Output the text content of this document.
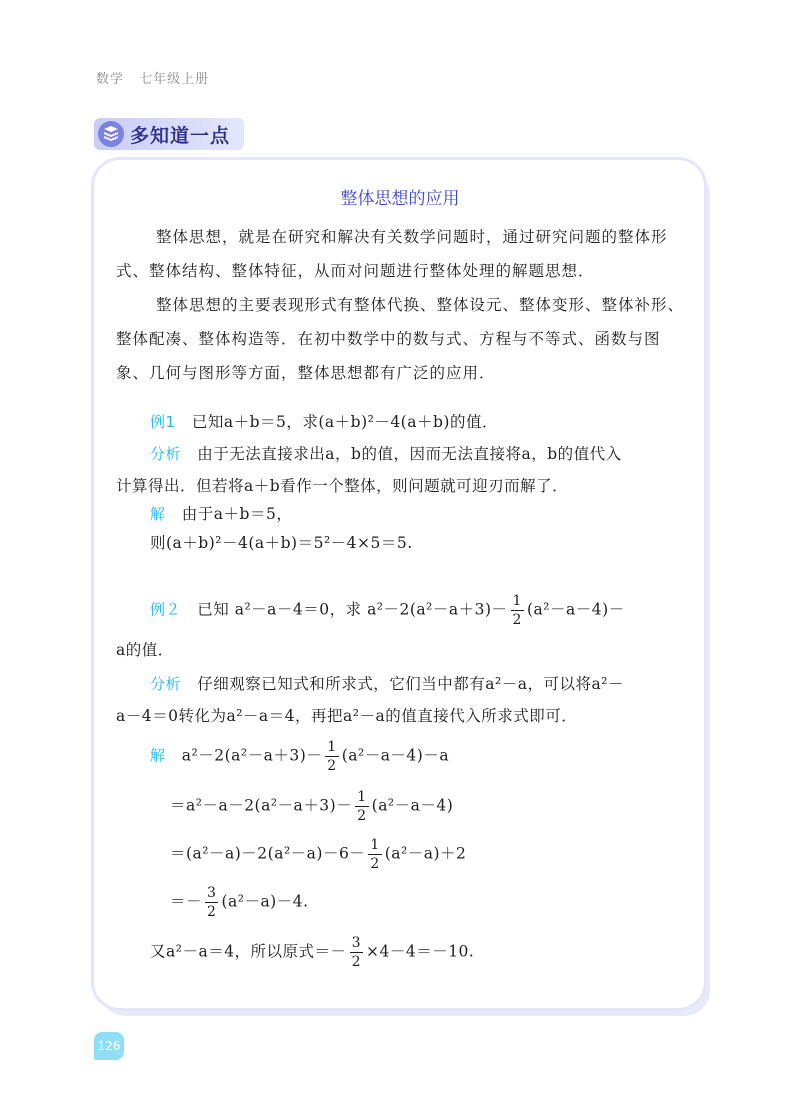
数学 七年级上册
多知道一点
整体思想的应用
整体思想，就是在研究和解决有关数学问题时，通过研究问题的整体形式、整体结构、整体特征，从而对问题进行整体处理的解题思想．
整体思想的主要表现形式有整体代换、整体设元、整体变形、整体补形、整体配凑、整体构造等．在初中数学中的数与式、方程与不等式、函数与图象、几何与图形等方面，整体思想都有广泛的应用．
例1 已知a＋b＝5，求(a＋b)²－4(a＋b)的值．
分析 由于无法直接求出a，b的值，因而无法直接将a，b的值代入
计算得出．但若将a＋b看作一个整体，则问题就可迎刃而解了．
解 由于a＋b＝5，
则(a＋b)²－4(a＋b)＝5²－4×5＝5.
例２ 已知 a²－a－4＝0，求 $a^2-2(a^2-a+3)- \frac{1}{2} (a^2-a-4)-$
a的值．
分析 仔细观察已知式和所求式，它们当中都有a²－a，可以将a²－
a－4＝0转化为a²－a＝4，再把a²－a的值直接代入所求式即可．
解 $a^2-2(a^2-a+3)- \frac{1}{2} (a^2-a-4)-a$
$=a^2-a-2(a^2-a+3)- \frac{1}{2} (a^2-a-4)$
$=(a^2-a)-2(a^2-a)-6- \frac{1}{2} (a^2-a)+2$
＝－ $\frac{3}{2} (a^2-a)-4$.
又a²－a＝4，所以原式＝－ $\frac{3}{2} \times 4-4=-10$.
126
